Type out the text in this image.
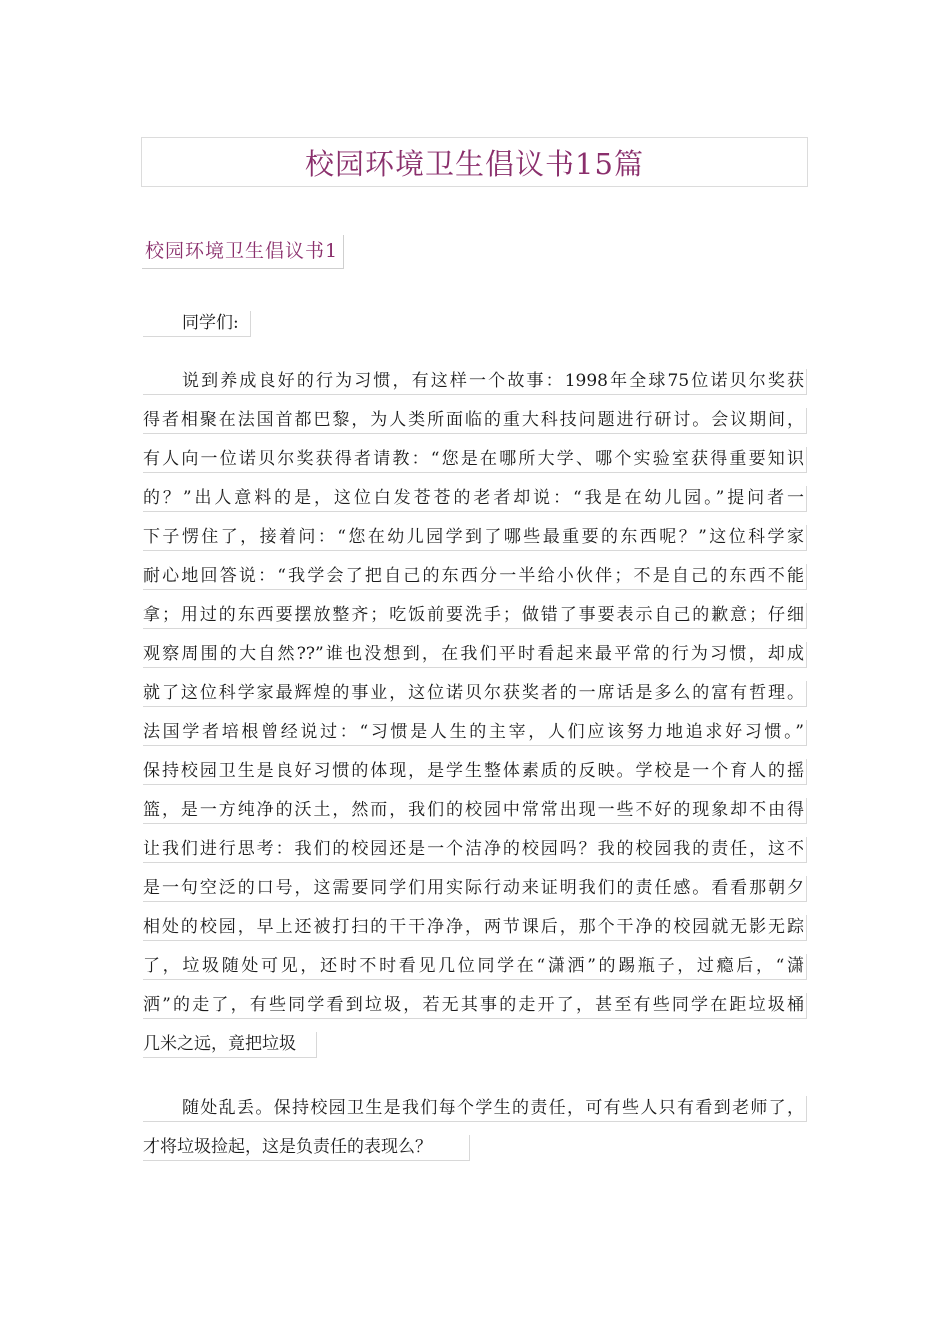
校园环境卫生倡议书15篇
校园环境卫生倡议书1
同学们:
说到养成良好的行为习惯，有这样一个故事：1998年全球75位诺贝尔奖获
得者相聚在法国首都巴黎，为人类所面临的重大科技问题进行研讨。会议期间，
有人向一位诺贝尔奖获得者请教：“您是在哪所大学、哪个实验室获得重要知识
的？”出人意料的是，这位白发苍苍的老者却说：“我是在幼儿园。”提问者一
下子愣住了，接着问：“您在幼儿园学到了哪些最重要的东西呢？”这位科学家
耐心地回答说：“我学会了把自己的东西分一半给小伙伴；不是自己的东西不能
拿；用过的东西要摆放整齐；吃饭前要洗手；做错了事要表示自己的歉意；仔细
观察周围的大自然??”谁也没想到，在我们平时看起来最平常的行为习惯，却成
就了这位科学家最辉煌的事业，这位诺贝尔获奖者的一席话是多么的富有哲理。
法国学者培根曾经说过：“习惯是人生的主宰，人们应该努力地追求好习惯。”
保持校园卫生是良好习惯的体现，是学生整体素质的反映。学校是一个育人的摇
篮，是一方纯净的沃土，然而，我们的校园中常常出现一些不好的现象却不由得
让我们进行思考：我们的校园还是一个洁净的校园吗？我的校园我的责任，这不
是一句空泛的口号，这需要同学们用实际行动来证明我们的责任感。看看那朝夕
相处的校园，早上还被打扫的干干净净，两节课后，那个干净的校园就无影无踪
了，垃圾随处可见，还时不时看见几位同学在“潇洒”的踢瓶子，过瘾后，“潇
洒”的走了，有些同学看到垃圾，若无其事的走开了，甚至有些同学在距垃圾桶
几米之远，竟把垃圾
随处乱丢。保持校园卫生是我们每个学生的责任，可有些人只有看到老师了，
才将垃圾捡起，这是负责任的表现么？
